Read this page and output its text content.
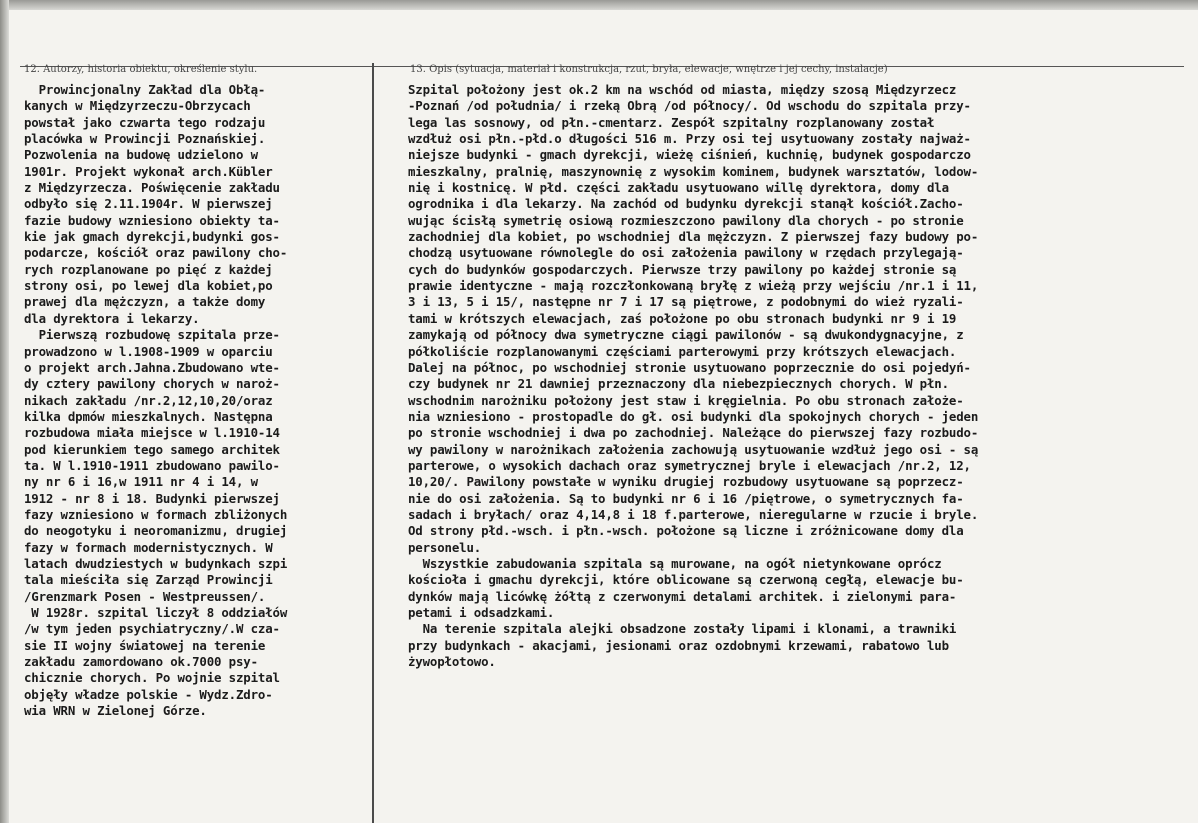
12. Autorzy, historia obiektu, określenie stylu.	13. Opis (sytuacja, materiał i konstrukcja, rzut, bryła, elewacje, wnętrze i jej cechy, instalacje)
Prowincjonalny Zakład dla Obłą-
kanych w Międzyrzeczu-Obrzycach
powstał jako czwarta tego rodzaju
placówka w Prowincji Poznańskiej.
Pozwolenia na budowę udzielono w
1901r. Projekt wykonał arch.Kübler
z Międzyrzecza. Poświęcenie zakładu
odbyło się 2.11.1904r. W pierwszej
fazie budowy wzniesiono obiekty ta-
kie jak gmach dyrekcji,budynki gos-
podarcze, kościół oraz pawilony cho-
rych rozplanowane po pięć z każdej
strony osi, po lewej dla kobiet,po
prawej dla mężczyzn, a także domy
dla dyrektora i lekarzy.
Pierwszą rozbudowę szpitala prze-
prowadzono w l.1908-1909 w oparciu
o projekt arch.Jahna.Zbudowano wte-
dy cztery pawilony chorych w naroż-
nikach zakładu /nr.2,12,10,20/oraz
kilka dpmów mieszkalnych. Następna
rozbudowa miała miejsce w l.1910-14
pod kierunkiem tego samego architek
ta. W l.1910-1911 zbudowano pawilo-
ny nr 6 i 16,w 1911 nr 4 i 14, w
1912 - nr 8 i 18. Budynki pierwszej
fazy wzniesiono w formach zbliżonych
do neogotyku i neoromanizmu, drugiej
fazy w formach modernistycznych. W
latach dwudziestych w budynkach szpi
tala mieściła się Zarząd Prowincji
/Grenzmark Posen - Westpreussen/.
W 1928r. szpital liczył 8 oddziałów
/w tym jeden psychiatryczny/.W cza-
sie II wojny światowej na terenie
zakładu zamordowano ok.7000 psy-
chicznie chorych. Po wojnie szpital
objęły władze polskie - Wydz.Zdro-
wia WRN w Zielonej Górze.
Szpital położony jest ok.2 km na wschód od miasta, między szosą Międzyrzecz
-Poznań /od południa/ i rzeką Obrą /od północy/. Od wschodu do szpitala przy-
lega las sosnowy, od płn.-cmentarz. Zespół szpitalny rozplanowany został
wzdłuż osi płn.-płd.o długości 516 m. Przy osi tej usytuowany zostały najważ-
niejsze budynki - gmach dyrekcji, wieżę ciśnień, kuchnię, budynek gospodarczo
mieszkalny, pralnię, maszynownię z wysokim kominem, budynek warsztatów, lodow-
nię i kostnicę. W płd. części zakładu usytuowano willę dyrektora, domy dla
ogrodnika i dla lekarzy. Na zachód od budynku dyrekcji stanął kościół.Zacho-
wując ścisłą symetrię osiową rozmieszczono pawilony dla chorych - po stronie
zachodniej dla kobiet, po wschodniej dla mężczyzn. Z pierwszej fazy budowy po-
chodzą usytuowane równolegle do osi założenia pawilony w rzędach przylegają-
cych do budynków gospodarczych. Pierwsze trzy pawilony po każdej stronie są
prawie identyczne - mają rozczłonkowaną bryłę z wieżą przy wejściu /nr.1 i 11,
3 i 13, 5 i 15/, następne nr 7 i 17 są piętrowe, z podobnymi do wież ryzali-
tami w krótszych elewacjach, zaś położone po obu stronach budynki nr 9 i 19
zamykają od północy dwa symetryczne ciągi pawilonów - są dwukondygnacyjne, z
półkoliście rozplanowanymi częściami parterowymi przy krótszych elewacjach.
Dalej na północ, po wschodniej stronie usytuowano poprzecznie do osi pojedyń-
czy budynek nr 21 dawniej przeznaczony dla niebezpiecznych chorych. W płn.
wschodnim narożniku położony jest staw i kręgielnia. Po obu stronach założe-
nia wzniesiono - prostopadle do gł. osi budynki dla spokojnych chorych - jeden
po stronie wschodniej i dwa po zachodniej. Należące do pierwszej fazy rozbudo-
wy pawilony w narożnikach założenia zachowują usytuowanie wzdłuż jego osi - są
parterowe, o wysokich dachach oraz symetrycznej bryle i elewacjach /nr.2, 12,
10,20/. Pawilony powstałe w wyniku drugiej rozbudowy usytuowane są poprzecz-
nie do osi założenia. Są to budynki nr 6 i 16 /piętrowe, o symetrycznych fa-
sadach i bryłach/ oraz 4,14,8 i 18 f.parterowe, nieregularne w rzucie i bryle.
Od strony płd.-wsch. i płn.-wsch. położone są liczne i zróżnicowane domy dla
personelu.
Wszystkie zabudowania szpitala są murowane, na ogół nietynkowane oprócz
kościoła i gmachu dyrekcji, które oblicowane są czerwoną cegłą, elewacje bu-
dynków mają licówkę żółtą z czerwonymi detalami architek. i zielonymi para-
petami i odsadzkami.
Na terenie szpitala alejki obsadzone zostały lipami i klonami, a trawniki
przy budynkach - akacjami, jesionami oraz ozdobnymi krzewami, rabatowo lub
żywopłotowo.
